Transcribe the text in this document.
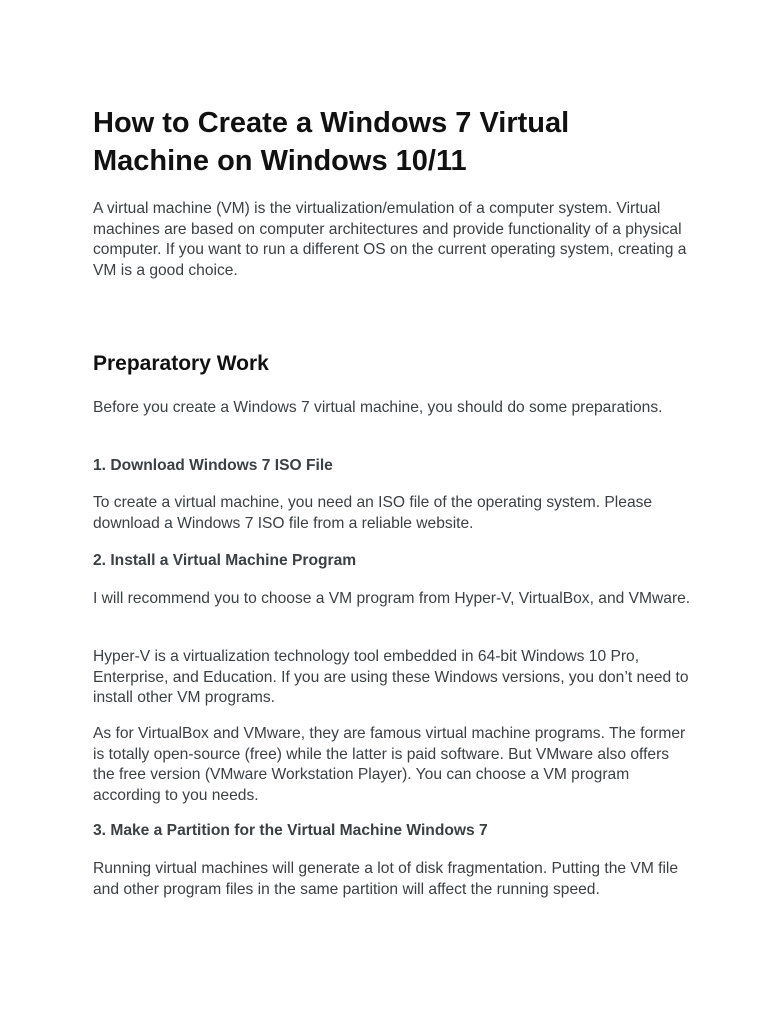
How to Create a Windows 7 Virtual Machine on Windows 10/11

A virtual machine (VM) is the virtualization/emulation of a computer system. Virtual machines are based on computer architectures and provide functionality of a physical computer. If you want to run a different OS on the current operating system, creating a VM is a good choice.

Preparatory Work

Before you create a Windows 7 virtual machine, you should do some preparations.

1. Download Windows 7 ISO File

To create a virtual machine, you need an ISO file of the operating system. Please download a Windows 7 ISO file from a reliable website.

2. Install a Virtual Machine Program

I will recommend you to choose a VM program from Hyper-V, VirtualBox, and VMware.

Hyper-V is a virtualization technology tool embedded in 64-bit Windows 10 Pro, Enterprise, and Education. If you are using these Windows versions, you don’t need to install other VM programs.

As for VirtualBox and VMware, they are famous virtual machine programs. The former is totally open-source (free) while the latter is paid software. But VMware also offers the free version (VMware Workstation Player). You can choose a VM program according to you needs.

3. Make a Partition for the Virtual Machine Windows 7

Running virtual machines will generate a lot of disk fragmentation. Putting the VM file and other program files in the same partition will affect the running speed.
